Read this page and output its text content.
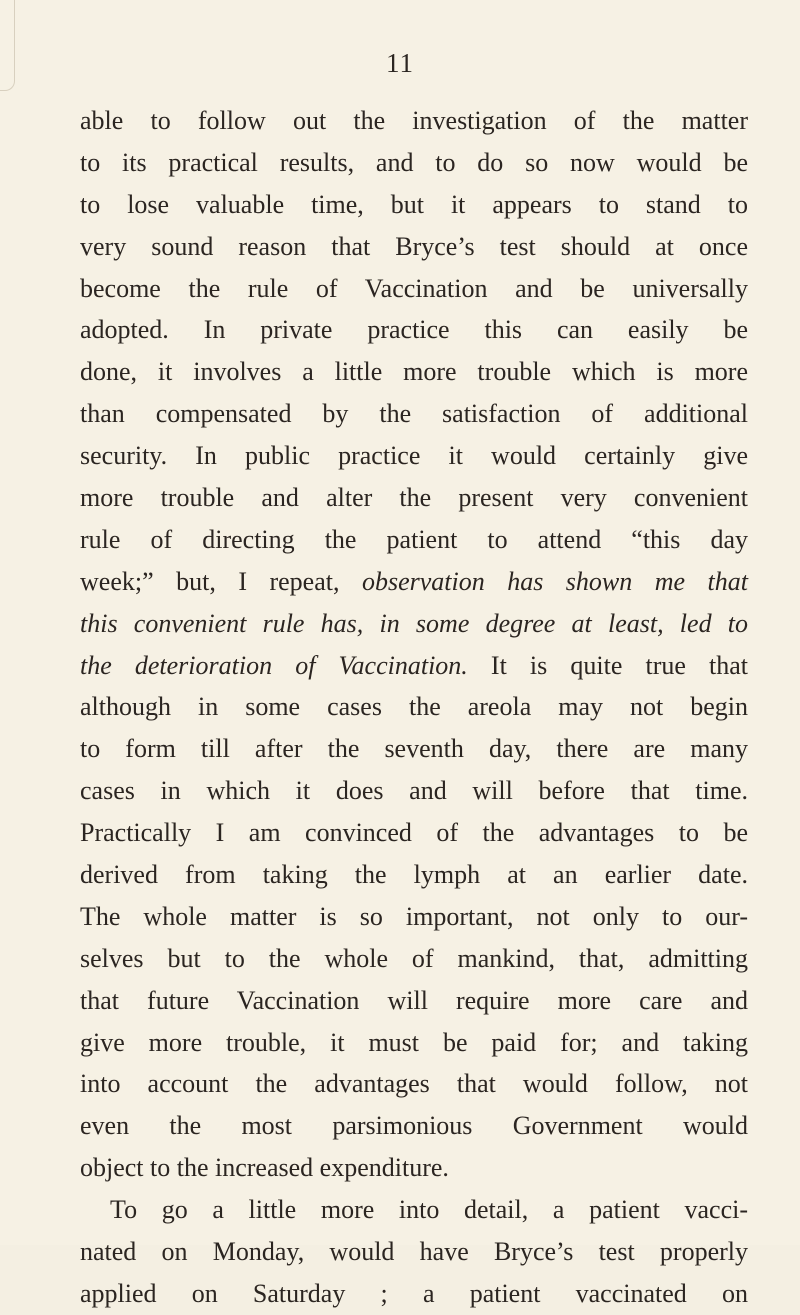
11
able to follow out the investigation of the matter
to its practical results, and to do so now would be
to lose valuable time, but it appears to stand to
very sound reason that Bryce’s test should at once
become the rule of Vaccination and be universally
adopted. In private practice this can easily be
done, it involves a little more trouble which is more
than compensated by the satisfaction of additional
security. In public practice it would certainly give
more trouble and alter the present very convenient
rule of directing the patient to attend “this day
week;” but, I repeat, observation has shown me that
this convenient rule has, in some degree at least, led to
the deterioration of Vaccination. It is quite true that
although in some cases the areola may not begin
to form till after the seventh day, there are many
cases in which it does and will before that time.
Practically I am convinced of the advantages to be
derived from taking the lymph at an earlier date.
The whole matter is so important, not only to our-
selves but to the whole of mankind, that, admitting
that future Vaccination will require more care and
give more trouble, it must be paid for; and taking
into account the advantages that would follow, not
even the most parsimonious Government would
object to the increased expenditure.
To go a little more into detail, a patient vacci-
nated on Monday, would have Bryce’s test properly
applied on Saturday ; a patient vaccinated on
